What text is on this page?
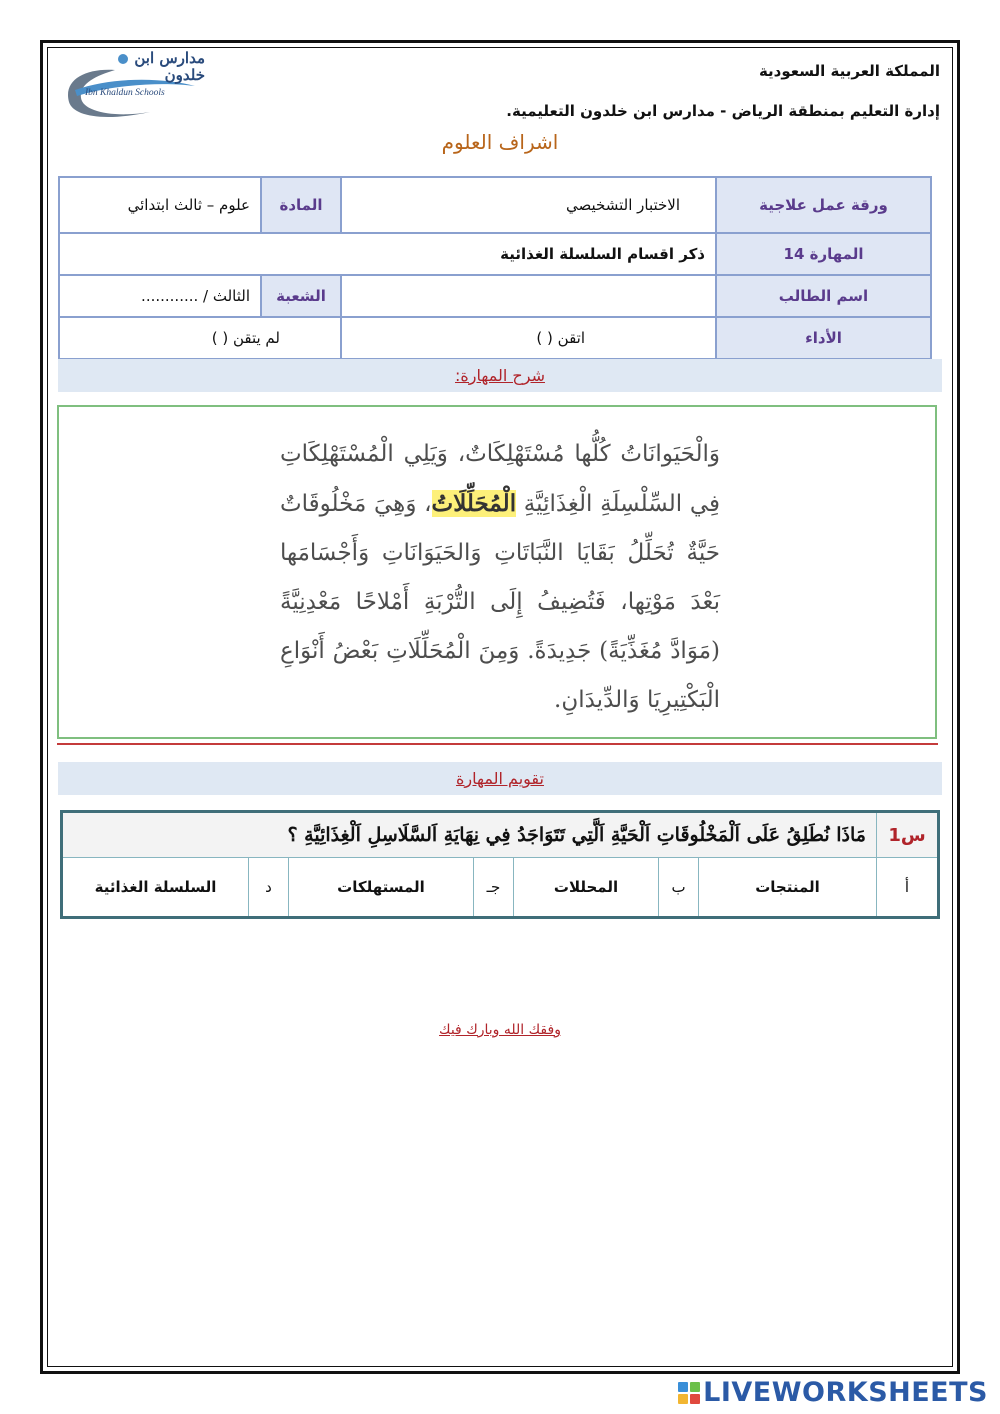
مدارس ابن خلدون
Ibn Khaldun Schools
المملكة العربية السعودية
إدارة التعليم بمنطقة الرياض - مدارس ابن خلدون التعليمية.
اشراف العلوم
ورقة عمل علاجية	الاختبار التشخيصي	المادة	علوم – ثالث ابتدائي
المهارة 14	ذكر اقسام السلسلة الغذائية		
اسم الطالب		الشعبة	الثالث / ............
الأداء	اتقن ( )	لم يتقن ( )	
شرح المهارة:
وَالْحَيَوانَاتُ كُلُّها مُسْتَهْلِكَاتٌ، وَيَلِي الْمُسْتَهْلِكَاتِ فِي السِّلْسِلَةِ الْغِذَائِيَّةِ الْمُحَلِّلَاتُ، وَهِيَ مَخْلُوقَاتٌ حَيَّةٌ تُحَلِّلُ بَقَايَا النَّبَاتَاتِ وَالحَيَوَانَاتِ وَأَجْسَامَها بَعْدَ مَوْتِها، فَتُضِيفُ إِلَى التُّرْبَةِ أَمْلاحًا مَعْدِنِيَّةً (مَوَادَّ مُغَذِّيَةً) جَدِيدَةً. وَمِنَ الْمُحَلِّلَاتِ بَعْضُ أَنْوَاعِ الْبَكْتِيرِيَا وَالدِّيدَانِ.
تقويم المهارة
س1	مَاذَا نُطَلِقُ عَلَى اَلْمَخْلُوقَاتِ اَلْحَيَّةِ اَلَّتِي تَتَوَاجَدُ فِي نِهَايَةِ اَلسَّلَاسِلِ اَلْغِذَائِيَّةِ ؟						
أ	المنتجات	ب	المحللات	جـ	المستهلكات	د	السلسلة الغذائية
وفقك الله وبارك فيك
LIVEWORKSHEETS
